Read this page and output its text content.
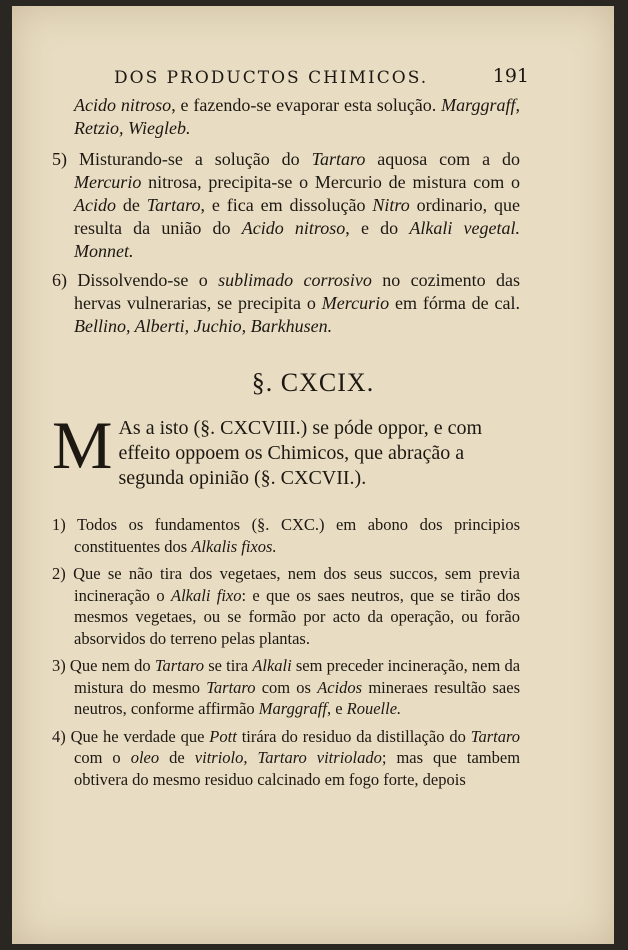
DOS PRODUCTOS CHIMICOS.	191

Acido nitroso, e fazendo-se evaporar esta solução. Marggraff, Retzio, Wiegleb.

5) Misturando-se a solução do Tartaro aquosa com a do Mercurio nitrosa, precipita-se o Mercurio de mistura com o Acido de Tartaro, e fica em dissolução Nitro ordinario, que resulta da união do Acido nitroso, e do Alkali vegetal. Monnet.

6) Dissolvendo-se o sublimado corrosivo no cozimento das hervas vulnerarias, se precipita o Mercurio em fórma de cal. Bellino, Alberti, Juchio, Barkhusen.

§. CXCIX.
M As a isto (§. CXCVIII.) se póde oppor, e com effeito oppoem os Chimicos, que abração a segunda opinião (§. CXCVII.).

1) Todos os fundamentos (§. CXC.) em abono dos principios constituentes dos Alkalis fixos.

2) Que se não tira dos vegetaes, nem dos seus succos, sem previa incineração o Alkali fixo: e que os saes neutros, que se tirão dos mesmos vegetaes, ou se formão por acto da operação, ou forão absorvidos do terreno pelas plantas.

3) Que nem do Tartaro se tira Alkali sem preceder incineração, nem da mistura do mesmo Tartaro com os Acidos mineraes resultão saes neutros, conforme affirmão Marggraff, e Rouelle.

4) Que he verdade que Pott tirára do residuo da distillação do Tartaro com o oleo de vitriolo, Tartaro vitriolado; mas que tambem obtivera do mesmo residuo calcinado em fogo forte, depois
